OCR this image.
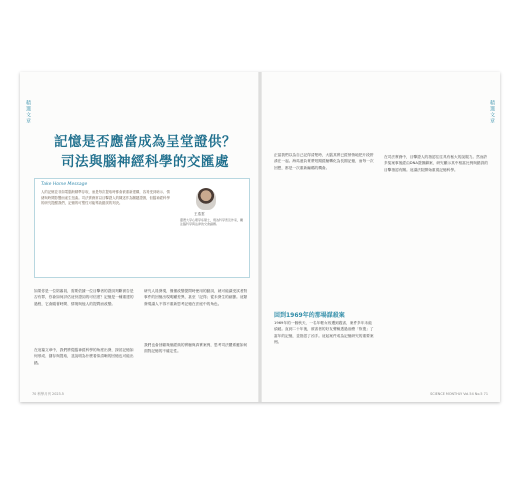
精選文章
記憶是否應當成為呈堂證供？
司法與腦神經科學的交匯處
Take Home Message
人的記憶並非如電腦般精準存取，而是每次提取時都會被重新建構，容易受到暗示、情緒與時間影響而產生扭曲。司法實務常以目擊證人的陳述作為關鍵證據，但腦神經科學的研究提醒我們，記憶的可塑性可能導致錯誤的判決。
王浩雲
臺灣大學心理學系碩士，現為科學普及作家，關注腦科學與法律的交會議題。

如果你是一位陪審員，需要依據一位目擊者的證詞判斷被告是否有罪，你會如何評估這份證詞的可信度？記憶是一種重建的過程，它會隨著時間、情境與他人的提問而改變。

研究人員發現，僅僅改變提問時使用的動詞，就可能讓受試者對事件的回憶出現明顯差異，甚至「記得」從未發生的細節。這類發現讓人不得不重新思考記憶在法庭中的角色。

在這篇文章中，我們將從腦神經科學的角度出發，探討記憶如何形成、儲存與提取，並說明為什麼看似清晰的回憶也可能出錯。

我們也會回顧幾個經典的實驗與真實案例，思考司法體系應如何面對記憶的不確定性。

70 科學月刊 2023.5
精選文章

正當我們以為自己記得清楚時，大腦其實已經悄悄地把片段拼湊在一起。海馬迴負責將短期經驗轉化為長期記憶，而每一次回想，都是一次重新編碼的機會。

在司法實務中，目擊證人的指認往往具有極大的說服力。然而許多冤案事後經由DNA證據翻案，研究顯示其中相當比例與錯誤的目擊指認有關。這讓法院開始重視記憶科學。

回到1969年的那場謀殺案

1969年的一個秋天，一名年輕女孩遭到殺害，案件多年未能偵破。直到二十年後，被害者的好友聲稱透過治療「恢復」了當年的記憶，並指認了凶手。這起案件成為記憶研究的重要案例。

SCIENCE MONTHLY Vol.54 No.5 71
